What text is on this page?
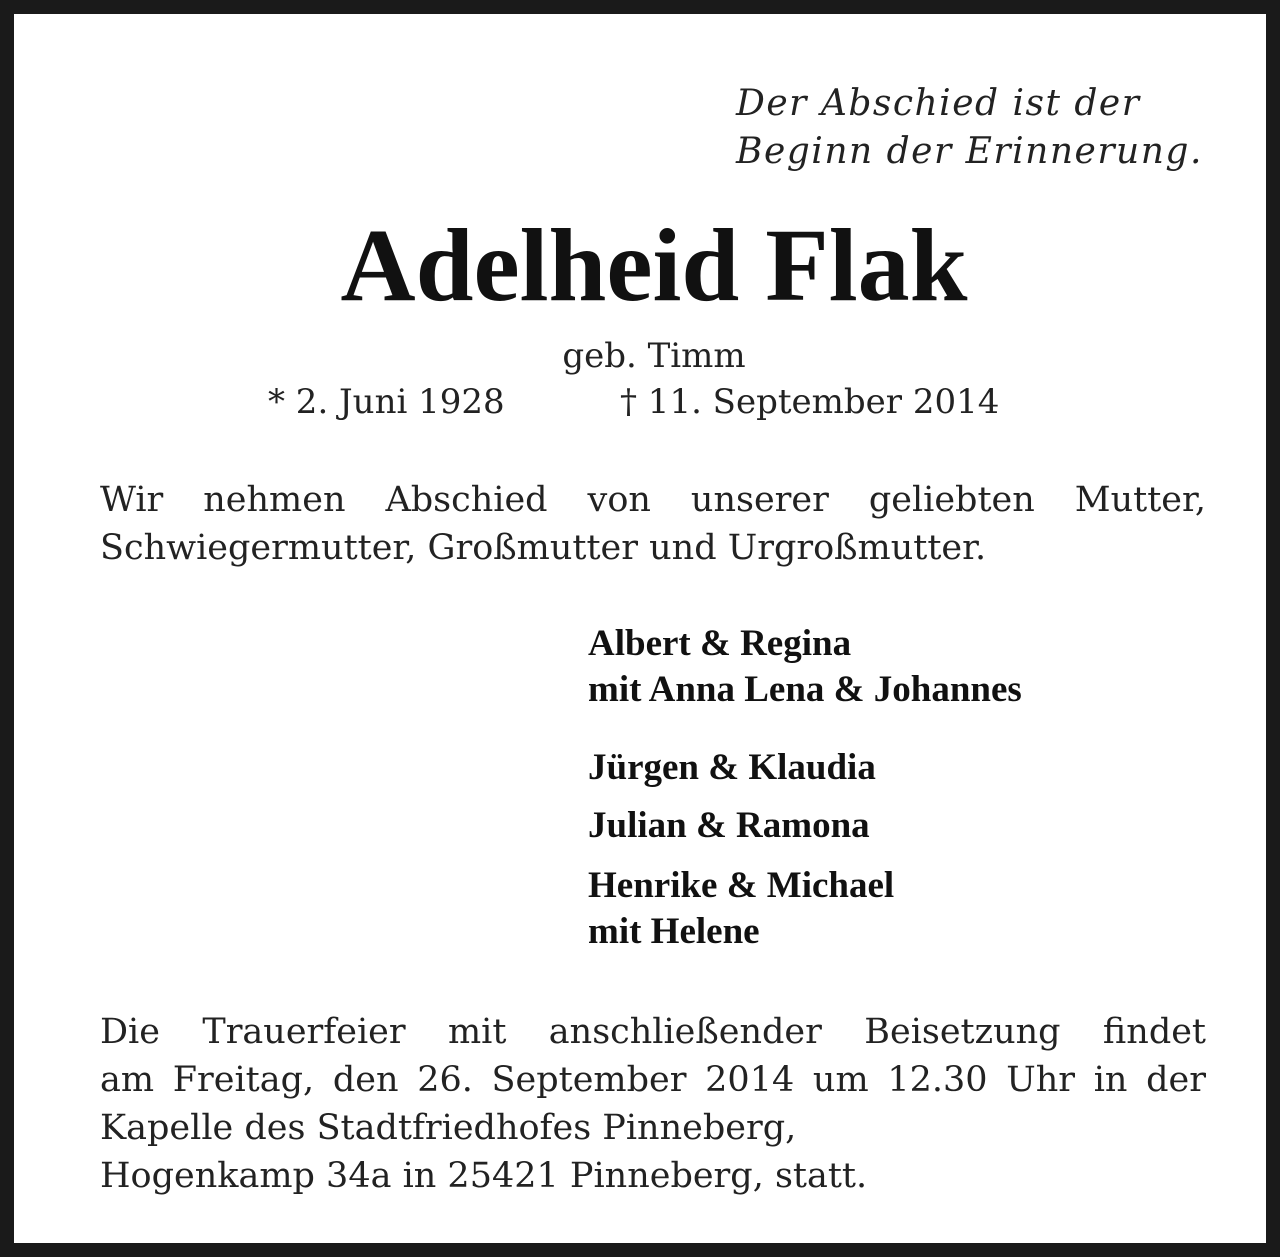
Der Abschied ist der
Beginn der Erinnerung.
Adelheid Flak
geb. Timm
* 2. Juni 1928	† 11. September 2014
Wir nehmen Abschied von unserer geliebten Mutter,
Schwiegermutter, Großmutter und Urgroßmutter.
Albert & Regina
mit Anna Lena & Johannes
Jürgen & Klaudia
Julian & Ramona
Henrike & Michael
mit Helene
Die Trauerfeier mit anschließender Beisetzung findet
am Freitag, den 26. September 2014 um 12.30 Uhr in der
Kapelle des Stadtfriedhofes Pinneberg,
Hogenkamp 34a in 25421 Pinneberg, statt.
